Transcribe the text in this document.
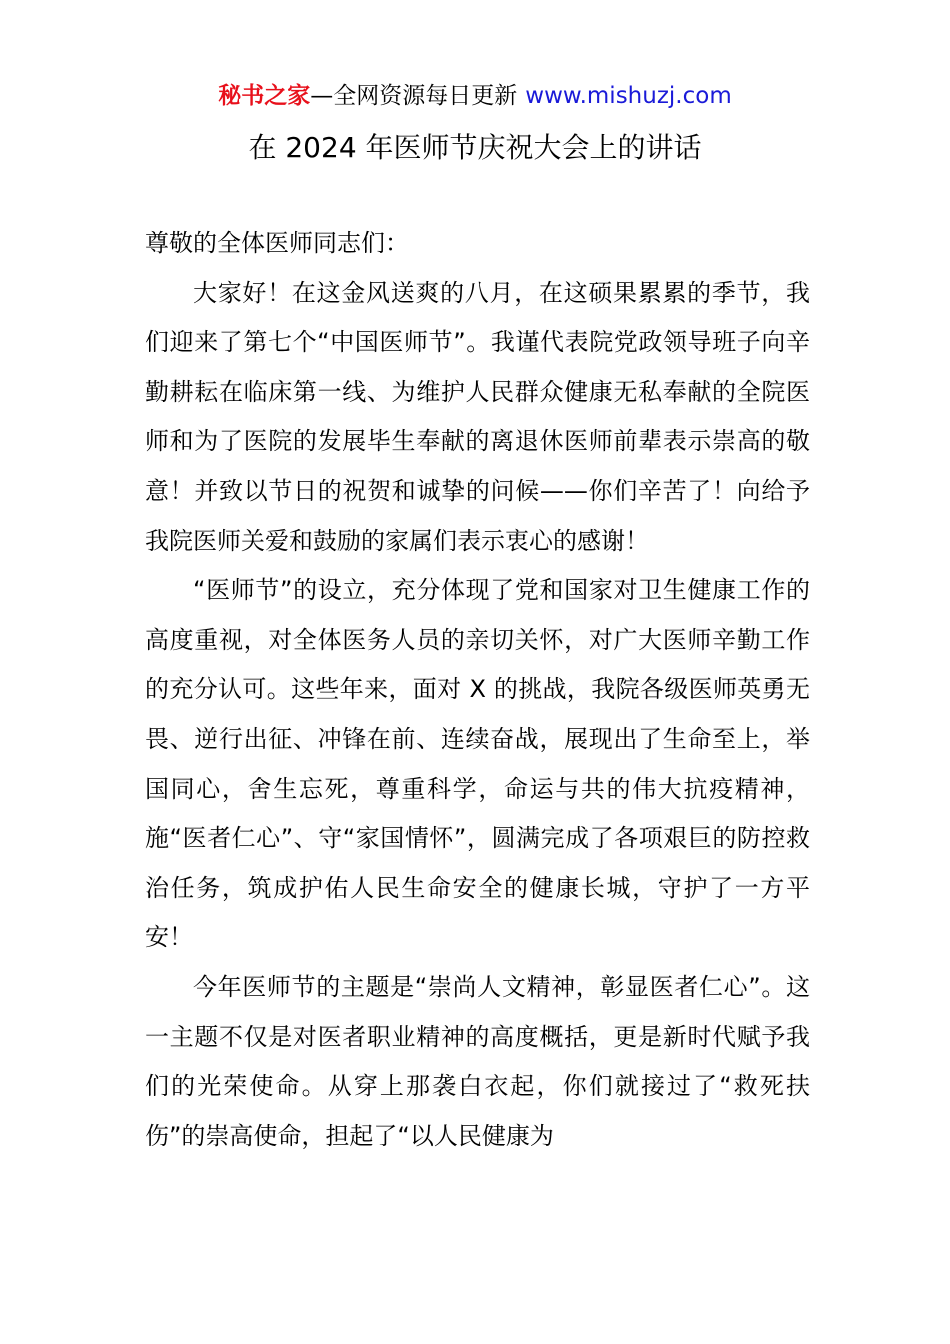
秘书之家—全网资源每日更新 www.mishuzj.com
在 2024 年医师节庆祝大会上的讲话

尊敬的全体医师同志们：

大家好！在这金风送爽的八月，在这硕果累累的季节，我们迎来了第七个“中国医师节”。我谨代表院党政领导班子向辛勤耕耘在临床第一线、为维护人民群众健康无私奉献的全院医师和为了医院的发展毕生奉献的离退休医师前辈表示崇高的敬意！并致以节日的祝贺和诚挚的问候——你们辛苦了！向给予我院医师关爱和鼓励的家属们表示衷心的感谢！

“医师节”的设立，充分体现了党和国家对卫生健康工作的高度重视，对全体医务人员的亲切关怀，对广大医师辛勤工作的充分认可。这些年来，面对 X 的挑战，我院各级医师英勇无畏、逆行出征、冲锋在前、连续奋战，展现出了生命至上，举国同心，舍生忘死，尊重科学，命运与共的伟大抗疫精神，施“医者仁心”、守“家国情怀”，圆满完成了各项艰巨的防控救治任务，筑成护佑人民生命安全的健康长城，守护了一方平安！

今年医师节的主题是“崇尚人文精神，彰显医者仁心”。这一主题不仅是对医者职业精神的高度概括，更是新时代赋予我们的光荣使命。从穿上那袭白衣起，你们就接过了“救死扶伤”的崇高使命，担起了“以人民健康为
